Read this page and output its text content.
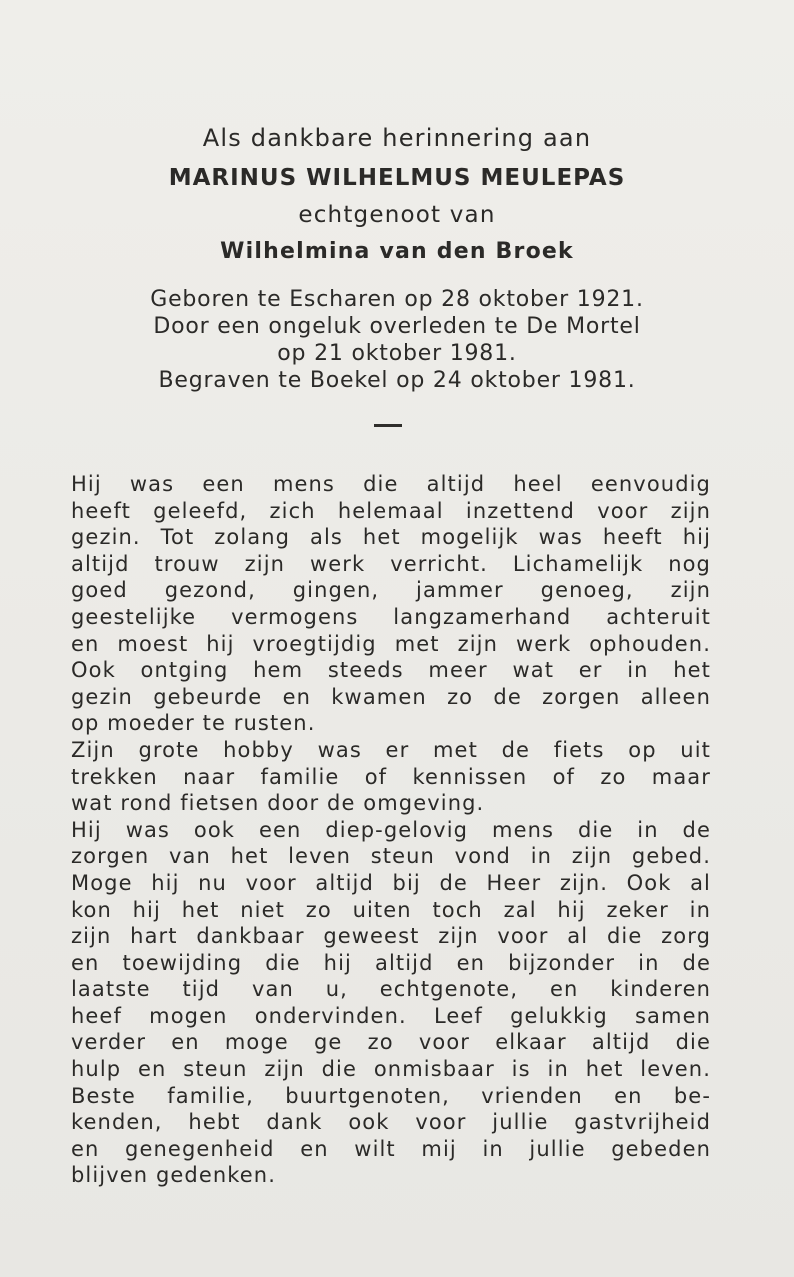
Als dankbare herinnering aan
MARINUS WILHELMUS MEULEPAS
echtgenoot van
Wilhelmina van den Broek
Geboren te Escharen op 28 oktober 1921.
Door een ongeluk overleden te De Mortel
op 21 oktober 1981.
Begraven te Boekel op 24 oktober 1981.

Hij was een mens die altijd heel eenvoudig

heeft geleefd, zich helemaal inzettend voor zijn

gezin. Tot zolang als het mogelijk was heeft hij

altijd trouw zijn werk verricht. Lichamelijk nog

goed gezond, gingen, jammer genoeg, zijn

geestelijke vermogens langzamerhand achteruit

en moest hij vroegtijdig met zijn werk ophouden.

Ook ontging hem steeds meer wat er in het

gezin gebeurde en kwamen zo de zorgen alleen

op moeder te rusten.

Zijn grote hobby was er met de fiets op uit

trekken naar familie of kennissen of zo maar

wat rond fietsen door de omgeving.

Hij was ook een diep-gelovig mens die in de

zorgen van het leven steun vond in zijn gebed.

Moge hij nu voor altijd bij de Heer zijn. Ook al

kon hij het niet zo uiten toch zal hij zeker in

zijn hart dankbaar geweest zijn voor al die zorg

en toewijding die hij altijd en bijzonder in de

laatste tijd van u, echtgenote, en kinderen

heef mogen ondervinden. Leef gelukkig samen

verder en moge ge zo voor elkaar altijd die

hulp en steun zijn die onmisbaar is in het leven.

Beste familie, buurtgenoten, vrienden en be-

kenden, hebt dank ook voor jullie gastvrijheid

en genegenheid en wilt mij in jullie gebeden

blijven gedenken.
